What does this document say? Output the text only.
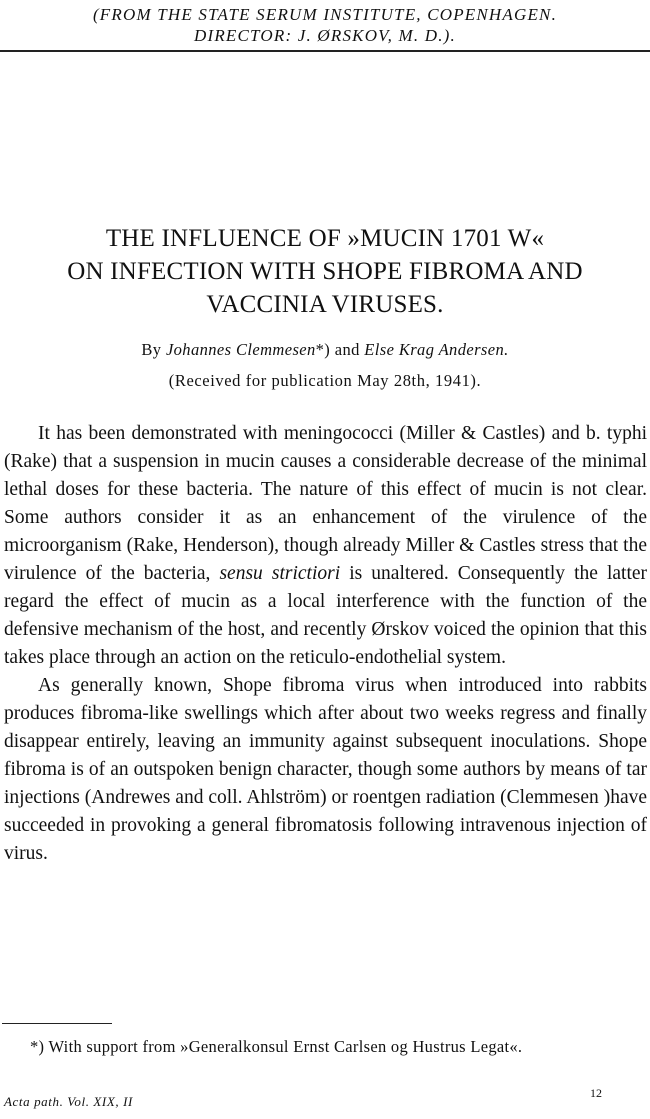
(FROM THE STATE SERUM INSTITUTE, COPENHAGEN.
DIRECTOR: J. ØRSKOV, M. D.).
THE INFLUENCE OF »MUCIN 1701 W«
ON INFECTION WITH SHOPE FIBROMA AND
VACCINIA VIRUSES.
By Johannes Clemmesen*) and Else Krag Andersen.
(Received for publication May 28th, 1941).

It has been demonstrated with meningococci (Miller & Castles) and b. typhi (Rake) that a suspension in mucin causes a considerable decrease of the minimal lethal doses for these bacteria. The nature of this effect of mucin is not clear. Some authors consider it as an enhancement of the virulence of the microorganism (Rake, Henderson), though already Miller & Castles stress that the virulence of the bacteria, sensu strictiori is unaltered. Consequently the latter regard the effect of mucin as a local interference with the function of the defensive mechanism of the host, and recently Ørskov voiced the opinion that this takes place through an action on the reticulo-endothelial system.

As generally known, Shope fibroma virus when introduced into rabbits produces fibroma-like swellings which after about two weeks regress and finally disappear entirely, leaving an immunity against subsequent inoculations. Shope fibroma is of an outspoken benign character, though some authors by means of tar injections (Andrewes and coll. Ahlström) or roentgen radiation (Clemmesen )have succeeded in provoking a general fibromatosis following intravenous injection of virus.

*) With support from »Generalkonsul Ernst Carlsen og Hustrus Legat«.
Acta path. Vol. XIX, II
12
